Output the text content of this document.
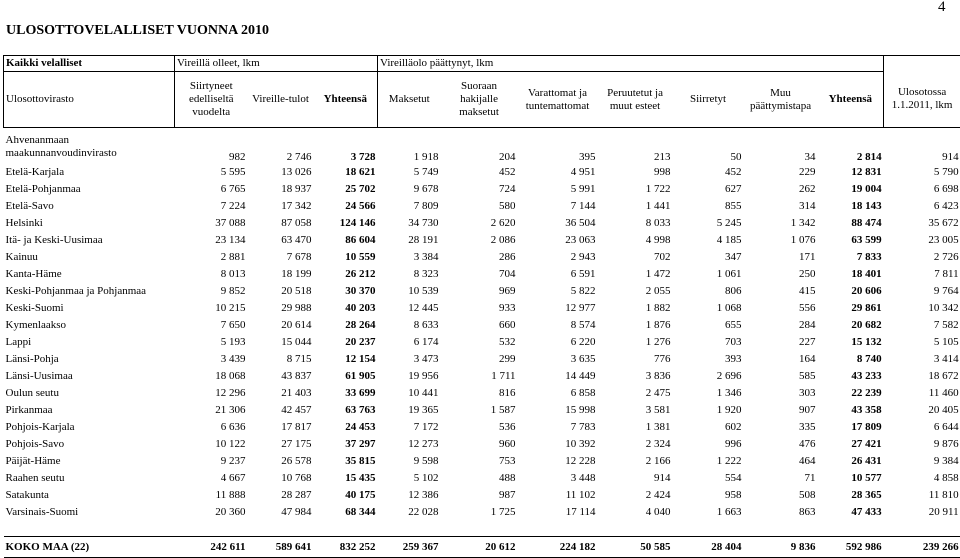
4
ULOSOTTOVELALLISET VUONNA 2010
Kaikki velalliset	Vireillä olleet, lkm			Vireilläolo päättynyt, lkm							
Ulosottovirasto	Siirtyneet edelliseltä vuodelta	Vireille-tulot	Yhteensä	Maksetut	Suoraan hakijalle maksetut	Varattomat ja tuntemattomat	Peruutetut ja muut esteet	Siirretyt	Muu päättymistapa	Yhteensä	Ulosotossa 1.1.2011, lkm

Ahvenanmaan maakunnanvoudinvirasto	982	2 746	3 728	1 918	204	395	213	50	34	2 814	914
Etelä-Karjala	5 595	13 026	18 621	5 749	452	4 951	998	452	229	12 831	5 790
Etelä-Pohjanmaa	6 765	18 937	25 702	9 678	724	5 991	1 722	627	262	19 004	6 698
Etelä-Savo	7 224	17 342	24 566	7 809	580	7 144	1 441	855	314	18 143	6 423
Helsinki	37 088	87 058	124 146	34 730	2 620	36 504	8 033	5 245	1 342	88 474	35 672
Itä- ja Keski-Uusimaa	23 134	63 470	86 604	28 191	2 086	23 063	4 998	4 185	1 076	63 599	23 005
Kainuu	2 881	7 678	10 559	3 384	286	2 943	702	347	171	7 833	2 726
Kanta-Häme	8 013	18 199	26 212	8 323	704	6 591	1 472	1 061	250	18 401	7 811
Keski-Pohjanmaa ja Pohjanmaa	9 852	20 518	30 370	10 539	969	5 822	2 055	806	415	20 606	9 764
Keski-Suomi	10 215	29 988	40 203	12 445	933	12 977	1 882	1 068	556	29 861	10 342
Kymenlaakso	7 650	20 614	28 264	8 633	660	8 574	1 876	655	284	20 682	7 582
Lappi	5 193	15 044	20 237	6 174	532	6 220	1 276	703	227	15 132	5 105
Länsi-Pohja	3 439	8 715	12 154	3 473	299	3 635	776	393	164	8 740	3 414
Länsi-Uusimaa	18 068	43 837	61 905	19 956	1 711	14 449	3 836	2 696	585	43 233	18 672
Oulun seutu	12 296	21 403	33 699	10 441	816	6 858	2 475	1 346	303	22 239	11 460
Pirkanmaa	21 306	42 457	63 763	19 365	1 587	15 998	3 581	1 920	907	43 358	20 405
Pohjois-Karjala	6 636	17 817	24 453	7 172	536	7 783	1 381	602	335	17 809	6 644
Pohjois-Savo	10 122	27 175	37 297	12 273	960	10 392	2 324	996	476	27 421	9 876
Päijät-Häme	9 237	26 578	35 815	9 598	753	12 228	2 166	1 222	464	26 431	9 384
Raahen seutu	4 667	10 768	15 435	5 102	488	3 448	914	554	71	10 577	4 858
Satakunta	11 888	28 287	40 175	12 386	987	11 102	2 424	958	508	28 365	11 810
Varsinais-Suomi	20 360	47 984	68 344	22 028	1 725	17 114	4 040	1 663	863	47 433	20 911

KOKO MAA (22)	242 611	589 641	832 252	259 367	20 612	224 182	50 585	28 404	9 836	592 986	239 266
